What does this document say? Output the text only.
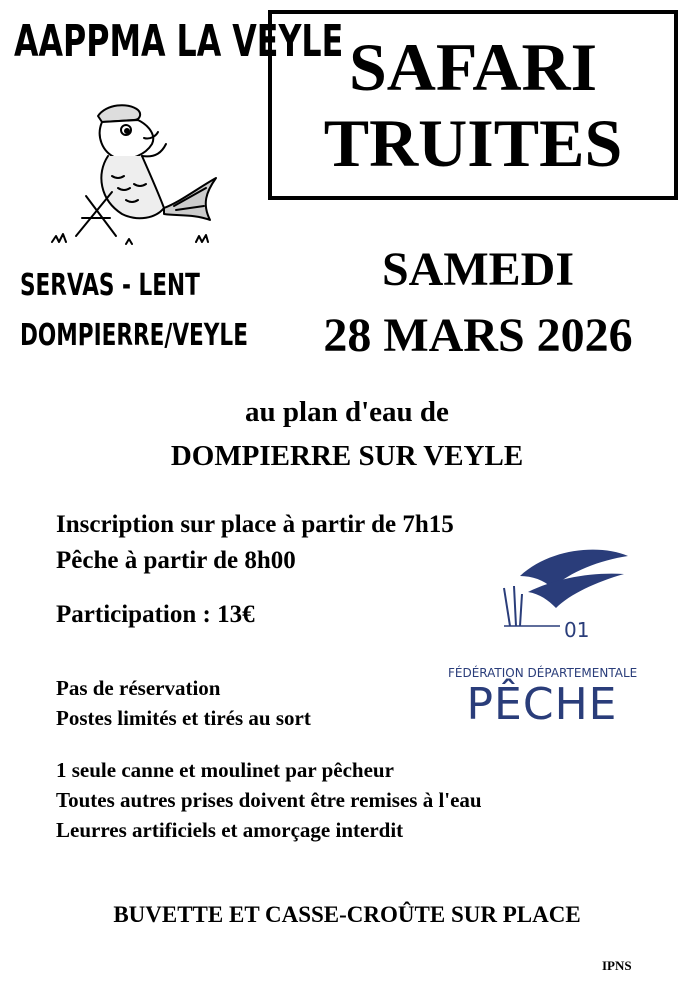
AAPPMA LA VEYLE
SERVAS - LENT
DOMPIERRE/VEYLE
SAFARI
TRUITES
SAMEDI
28 MARS 2026
au plan d'eau de
DOMPIERRE SUR VEYLE
Inscription sur place à partir de 7h15
Pêche à partir de 8h00
Participation : 13€
01
FÉDÉRATION DÉPARTEMENTALE
PÊCHE
Pas de réservation
Postes limités et tirés au sort
1 seule canne et moulinet par pêcheur
Toutes autres prises doivent être remises à l'eau
Leurres artificiels et amorçage interdit
BUVETTE ET CASSE-CROÛTE SUR PLACE
IPNS
